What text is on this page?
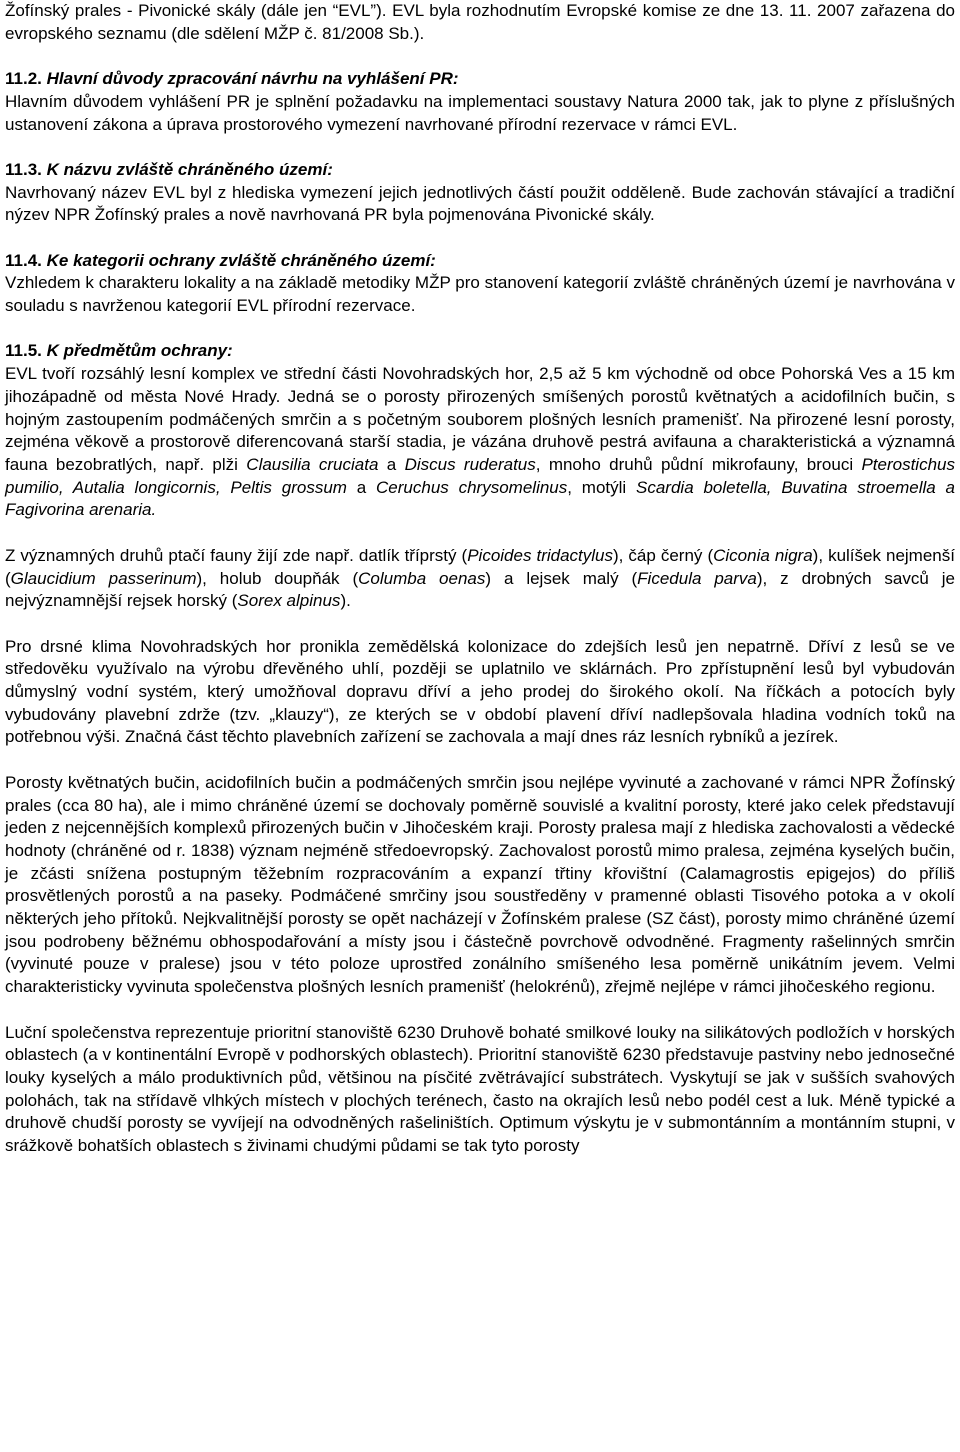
Žofínský prales - Pivonické skály (dále jen “EVL”). EVL byla rozhodnutím Evropské komise ze dne 13. 11. 2007 zařazena do evropského seznamu (dle sdělení MŽP č. 81/2008 Sb.).

11.2. Hlavní důvody zpracování návrhu na vyhlášení PR:

Hlavním důvodem vyhlášení PR je splnění požadavku na implementaci soustavy Natura 2000 tak, jak to plyne z příslušných ustanovení zákona a úprava prostorového vymezení navrhované přírodní rezervace v rámci EVL.

11.3. K názvu zvláště chráněného území:

Navrhovaný název EVL byl z hlediska vymezení jejich jednotlivých částí použit odděleně. Bude zachován stávající a tradiční nýzev NPR Žofínský prales a nově navrhovaná PR byla pojmenována Pivonické skály.

11.4. Ke kategorii ochrany zvláště chráněného území:

Vzhledem k charakteru lokality a na základě metodiky MŽP pro stanovení kategorií zvláště chráněných území je navrhována v souladu s navrženou kategorií EVL přírodní rezervace.

11.5. K předmětům ochrany:

EVL tvoří rozsáhlý lesní komplex ve střední části Novohradských hor, 2,5 až 5 km východně od obce Pohorská Ves a 15 km jihozápadně od města Nové Hrady. Jedná se o porosty přirozených smíšených porostů květnatých a acidofilních bučin, s hojným zastoupením podmáčených smrčin a s početným souborem plošných lesních pramenišť. Na přirozené lesní porosty, zejména věkově a prostorově diferencovaná starší stadia, je vázána druhově pestrá avifauna a charakteristická a významná fauna bezobratlých, např. plži Clausilia cruciata a Discus ruderatus, mnoho druhů půdní mikrofauny, brouci Pterostichus pumilio, Autalia longicornis, Peltis grossum a Ceruchus chrysomelinus, motýli Scardia boletella, Buvatina stroemella a Fagivorina arenaria.

Z významných druhů ptačí fauny žijí zde např. datlík tříprstý (Picoides tridactylus), čáp černý (Ciconia nigra), kulíšek nejmenší (Glaucidium passerinum), holub doupňák (Columba oenas) a lejsek malý (Ficedula parva), z drobných savců je nejvýznamnější rejsek horský (Sorex alpinus).

Pro drsné klima Novohradských hor pronikla zemědělská kolonizace do zdejších lesů jen nepatrně. Dříví z lesů se ve středověku využívalo na výrobu dřevěného uhlí, později se uplatnilo ve sklárnách. Pro zpřístupnění lesů byl vybudován důmyslný vodní systém, který umožňoval dopravu dříví a jeho prodej do širokého okolí. Na říčkách a potocích byly vybudovány plavební zdrže (tzv. „klauzy“), ze kterých se v období plavení dříví nadlepšovala hladina vodních toků na potřebnou výši. Značná část těchto plavebních zařízení se zachovala a mají dnes ráz lesních rybníků a jezírek.

Porosty květnatých bučin, acidofilních bučin a podmáčených smrčin jsou nejlépe vyvinuté a zachované v rámci NPR Žofínský prales (cca 80 ha), ale i mimo chráněné území se dochovaly poměrně souvislé a kvalitní porosty, které jako celek představují jeden z nejcennějších komplexů přirozených bučin v Jihočeském kraji. Porosty pralesa mají z hlediska zachovalosti a vědecké hodnoty (chráněné od r. 1838) význam nejméně středoevropský. Zachovalost porostů mimo pralesa, zejména kyselých bučin, je zčásti snížena postupným těžebním rozpracováním a expanzí třtiny křovištní (Calamagrostis epigejos) do příliš prosvětlených porostů a na paseky. Podmáčené smrčiny jsou soustředěny v pramenné oblasti Tisového potoka a v okolí některých jeho přítoků. Nejkvalitnější porosty se opět nacházejí v Žofínském pralese (SZ část), porosty mimo chráněné území jsou podrobeny běžnému obhospodařování a místy jsou i částečně povrchově odvodněné. Fragmenty rašelinných smrčin (vyvinuté pouze v pralese) jsou v této poloze uprostřed zonálního smíšeného lesa poměrně unikátním jevem. Velmi charakteristicky vyvinuta společenstva plošných lesních pramenišť (helokrénů), zřejmě nejlépe v rámci jihočeského regionu.

Luční společenstva reprezentuje prioritní stanoviště 6230 Druhově bohaté smilkové louky na silikátových podložích v horských oblastech (a v kontinentální Evropě v podhorských oblastech). Prioritní stanoviště 6230 představuje pastviny nebo jednosečné louky kyselých a málo produktivních půd, většinou na písčité zvětrávající substrátech. Vyskytují se jak v sušších svahových polohách, tak na střídavě vlhkých místech v plochých terénech, často na okrajích lesů nebo podél cest a luk. Méně typické a druhově chudší porosty se vyvíjejí na odvodněných rašeliništích. Optimum výskytu je v submontánním a montánním stupni, v srážkově bohatších oblastech s živinami chudými půdami se tak tyto porosty
